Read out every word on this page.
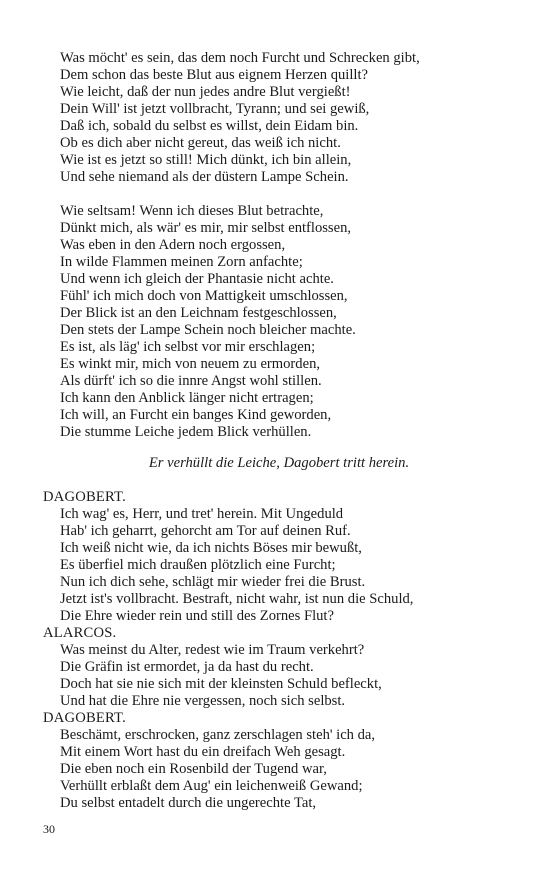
Was möcht' es sein, das dem noch Furcht und Schrecken gibt,
Dem schon das beste Blut aus eignem Herzen quillt?
Wie leicht, daß der nun jedes andre Blut vergießt!
Dein Will' ist jetzt vollbracht, Tyrann; und sei gewiß,
Daß ich, sobald du selbst es willst, dein Eidam bin.
Ob es dich aber nicht gereut, das weiß ich nicht.
Wie ist es jetzt so still! Mich dünkt, ich bin allein,
Und sehe niemand als der düstern Lampe Schein.
Wie seltsam! Wenn ich dieses Blut betrachte,
Dünkt mich, als wär' es mir, mir selbst entflossen,
Was eben in den Adern noch ergossen,
In wilde Flammen meinen Zorn anfachte;
Und wenn ich gleich der Phantasie nicht achte.
Fühl' ich mich doch von Mattigkeit umschlossen,
Der Blick ist an den Leichnam festgeschlossen,
Den stets der Lampe Schein noch bleicher machte.
Es ist, als läg' ich selbst vor mir erschlagen;
Es winkt mir, mich von neuem zu ermorden,
Als dürft' ich so die innre Angst wohl stillen.
Ich kann den Anblick länger nicht ertragen;
Ich will, an Furcht ein banges Kind geworden,
Die stumme Leiche jedem Blick verhüllen.
Er verhüllt die Leiche, Dagobert tritt herein.
DAGOBERT.
Ich wag' es, Herr, und tret' herein. Mit Ungeduld
Hab' ich geharrt, gehorcht am Tor auf deinen Ruf.
Ich weiß nicht wie, da ich nichts Böses mir bewußt,
Es überfiel mich draußen plötzlich eine Furcht;
Nun ich dich sehe, schlägt mir wieder frei die Brust.
Jetzt ist's vollbracht. Bestraft, nicht wahr, ist nun die Schuld,
Die Ehre wieder rein und still des Zornes Flut?
ALARCOS.
Was meinst du Alter, redest wie im Traum verkehrt?
Die Gräfin ist ermordet, ja da hast du recht.
Doch hat sie nie sich mit der kleinsten Schuld befleckt,
Und hat die Ehre nie vergessen, noch sich selbst.
DAGOBERT.
Beschämt, erschrocken, ganz zerschlagen steh' ich da,
Mit einem Wort hast du ein dreifach Weh gesagt.
Die eben noch ein Rosenbild der Tugend war,
Verhüllt erblaßt dem Aug' ein leichenweiß Gewand;
Du selbst entadelt durch die ungerechte Tat,
30
